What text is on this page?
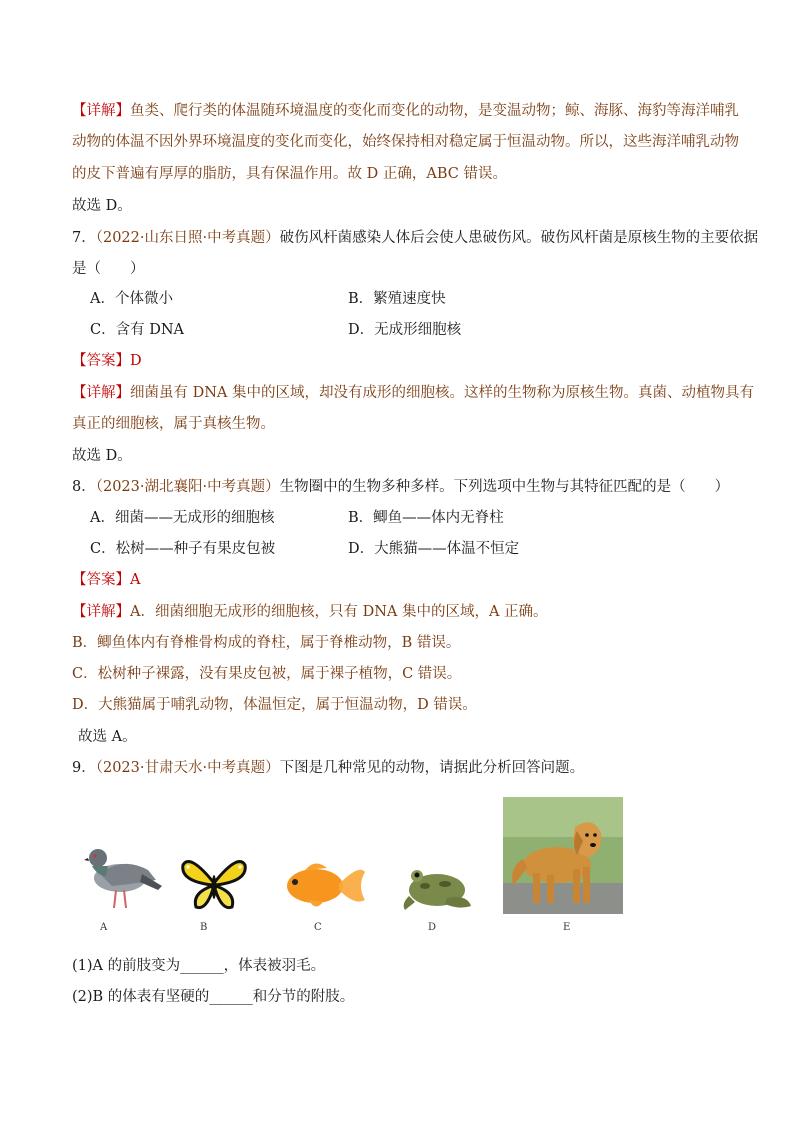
【详解】鱼类、爬行类的体温随环境温度的变化而变化的动物，是变温动物；鲸、海豚、海豹等海洋哺乳
动物的体温不因外界环境温度的变化而变化，始终保持相对稳定属于恒温动物。所以，这些海洋哺乳动物
的皮下普遍有厚厚的脂肪，具有保温作用。故 D 正确，ABC 错误。
故选 D。
7．（2022·山东日照·中考真题）破伤风杆菌感染人体后会使人患破伤风。破伤风杆菌是原核生物的主要依据
是（　　）
A．个体微小	B．繁殖速度快
C．含有 DNA	D．无成形细胞核
【答案】D
【详解】细菌虽有 DNA 集中的区域，却没有成形的细胞核。这样的生物称为原核生物。真菌、动植物具有
真正的细胞核，属于真核生物。
故选 D。
8．（2023·湖北襄阳·中考真题）生物圈中的生物多种多样。下列选项中生物与其特征匹配的是（　　）
A．细菌——无成形的细胞核	B．鲫鱼——体内无脊柱
C．松树——种子有果皮包被	D．大熊猫——体温不恒定
【答案】A
【详解】A．细菌细胞无成形的细胞核，只有 DNA 集中的区域，A 正确。
B．鲫鱼体内有脊椎骨构成的脊柱，属于脊椎动物，B 错误。
C．松树种子裸露，没有果皮包被，属于裸子植物，C 错误。
D．大熊猫属于哺乳动物，体温恒定，属于恒温动物，D 错误。
故选 A。
9．（2023·甘肃天水·中考真题）下图是几种常见的动物，请据此分析回答问题。
A	B	C	D	E
(1)A 的前肢变为______，体表被羽毛。
(2)B 的体表有坚硬的______和分节的附肢。
